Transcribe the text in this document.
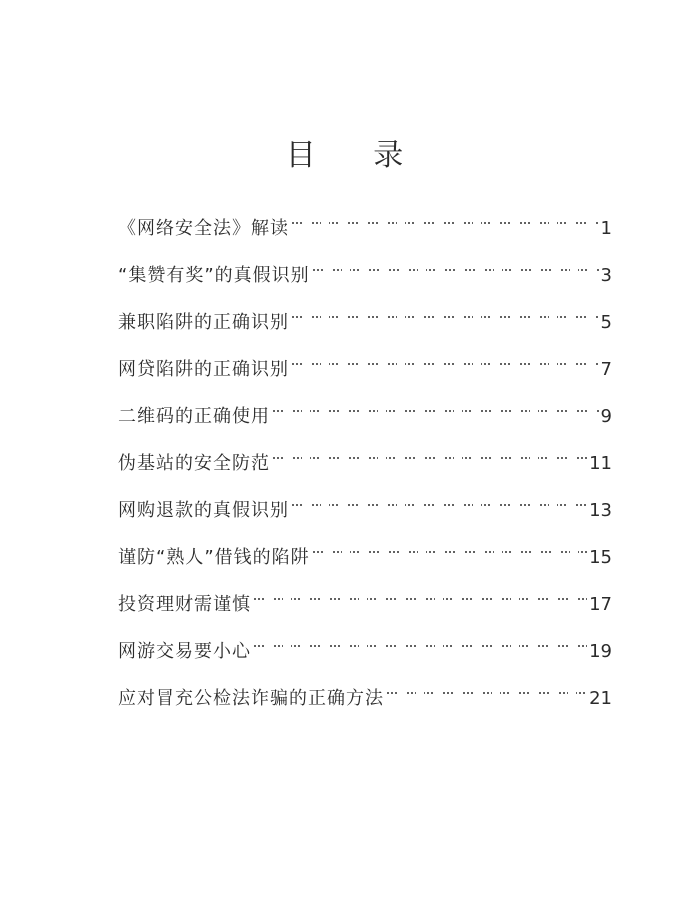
目 录
《网络安全法》解读	1
“集赞有奖”的真假识别	3
兼职陷阱的正确识别	5
网贷陷阱的正确识别	7
二维码的正确使用	9
伪基站的安全防范	11
网购退款的真假识别	13
谨防“熟人”借钱的陷阱	15
投资理财需谨慎	17
网游交易要小心	19
应对冒充公检法诈骗的正确方法	21
